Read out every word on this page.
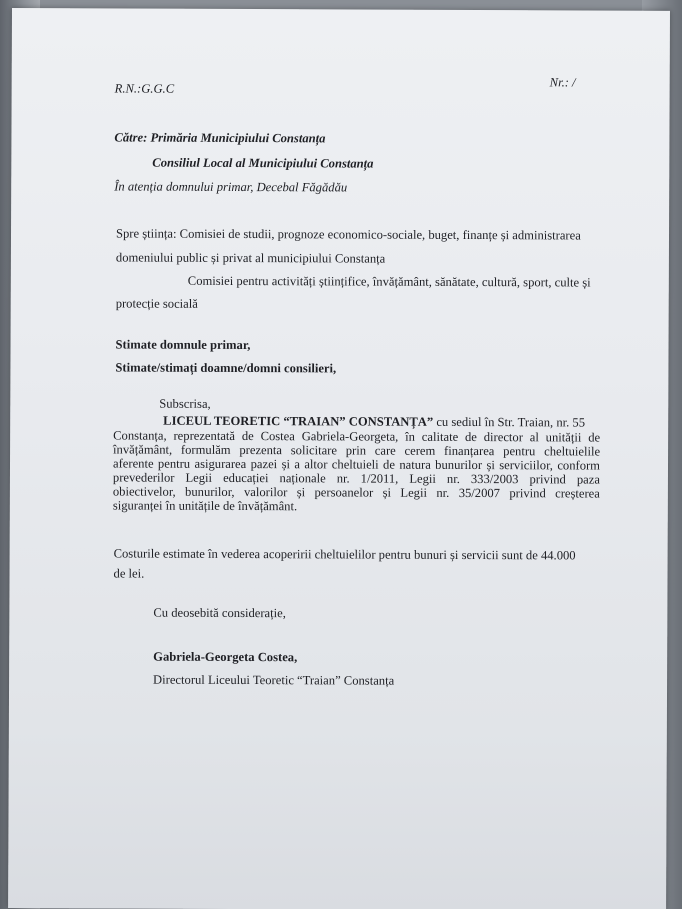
R.N.:G.G.C	Nr.: /
Către: Primăria Municipiului Constanța
Consiliul Local al Municipiului Constanța
În atenția domnului primar, Decebal Făgădău
Spre știința: Comisiei de studii, prognoze economico-sociale, buget, finanțe și administrarea
domeniului public și privat al municipiului Constanța
Comisiei pentru activități științifice, învățământ, sănătate, cultură, sport, culte și
protecție socială
Stimate domnule primar,
Stimate/stimați doamne/domni consilieri,
Subscrisa,
LICEUL TEORETIC “TRAIAN” CONSTANȚA” cu sediul în Str. Traian, nr. 55
Constanța, reprezentată de Costea Gabriela-Georgeta, în calitate de director al unității de
învățământ, formulăm prezenta solicitare prin care cerem finanțarea pentru cheltuielile
aferente pentru asigurarea pazei și a altor cheltuieli de natura bunurilor și serviciilor, conform
prevederilor Legii educației naționale nr. 1/2011, Legii nr. 333/2003 privind paza
obiectivelor, bunurilor, valorilor și persoanelor și Legii nr. 35/2007 privind creșterea
siguranței în unitățile de învățământ.
Costurile estimate în vederea acoperirii cheltuielilor pentru bunuri și servicii sunt de 44.000
de lei.
Cu deosebită considerație,
Gabriela-Georgeta Costea,
Directorul Liceului Teoretic “Traian” Constanța
